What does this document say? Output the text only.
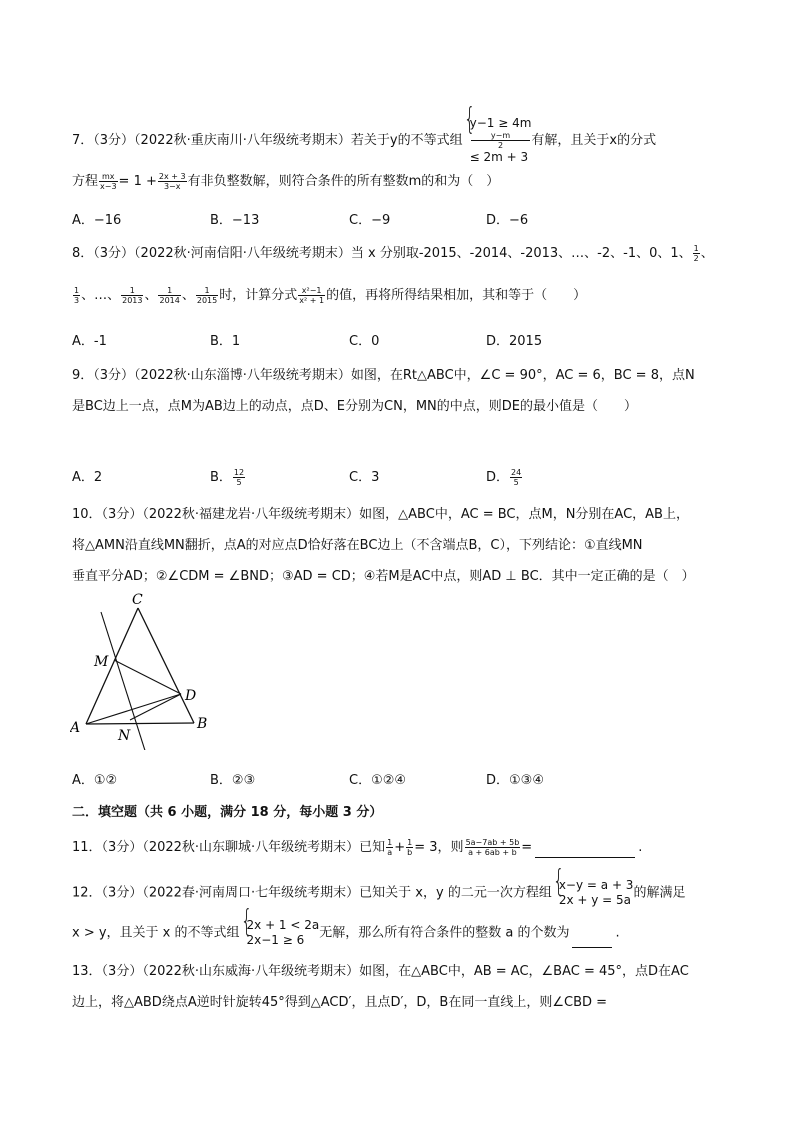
7．（3分）（2022秋·重庆南川·八年级统考期末）若关于y的不等式组
{ y−1 ≥ 4m
y−m
2
≤ 2m + 3
有解，且关于x的分式
方程 $\frac{mx}{x-3} = 1 + \frac{2x + 3}{3-x}$ 有非负整数解，则符合条件的所有整数m的和为（　）
A．−16	B．−13	C．−9	D．−6
8．（3分）（2022秋·河南信阳·八年级统考期末）当 x 分别取-2015、-2014、-2013、…、-2、-1、0、1、 $\frac{1}{2}$ 、
$\frac{1}{3}$ 、…、 $\frac{1}{2013}$ 、 $\frac{1}{2014}$ 、 $\frac{1}{2015}$ 时，计算分式 $\frac{\text{x²−1}}{\text{x² + 1}}$ 的值，再将所得结果相加，其和等于（　　）
A．-1	B．1	C．0	D．2015
9．（3分）（2022秋·山东淄博·八年级统考期末）如图，在Rt△ABC中，∠C = 90°，AC = 6，BC = 8，点N
是BC边上一点，点M为AB边上的动点，点D、E分别为CN，MN的中点，则DE的最小值是（　　）
A．2	B． $\frac{12}{5}$	C．3	D． $\frac{24}{5}$
10．（3分）（2022秋·福建龙岩·八年级统考期末）如图，△ABC中，AC = BC，点M，N分别在AC，AB上，
将△AMN沿直线MN翻折，点A的对应点D恰好落在BC边上（不含端点B，C），下列结论：①直线MN
垂直平分AD；②∠CDM = ∠BND；③AD = CD；④若M是AC中点，则AD ⊥ BC．其中一定正确的是（　）
C
M
D
A	N
B
A．①②	B．②③	C．①②④	D．①③④
二．填空题（共 6 小题，满分 18 分，每小题 3 分）
11．（3分）（2022秋·山东聊城·八年级统考期末）已知 $\frac{1}{a} + \frac{1}{b} = 3$，则 $\frac{5a-7ab + 5b}{a + 6ab + b}$ =	.
12．（3分）（2022春·河南周口·七年级统考期末）已知关于 x，y 的二元一次方程组
{ x−y = a + 3
2x + y = 5a 的解满足
x > y，且关于 x 的不等式组
{ 2x + 1 < 2a
2x−1 ≥ 6	无解，那么所有符合条件的整数 a 的个数为	.
13．（3分）（2022秋·山东威海·八年级统考期末）如图，在△ABC中，AB = AC，∠BAC = 45°，点D在AC
边上，将△ABD绕点A逆时针旋转45°得到△ACD′，且点D′，D，B在同一直线上，则∠CBD =
